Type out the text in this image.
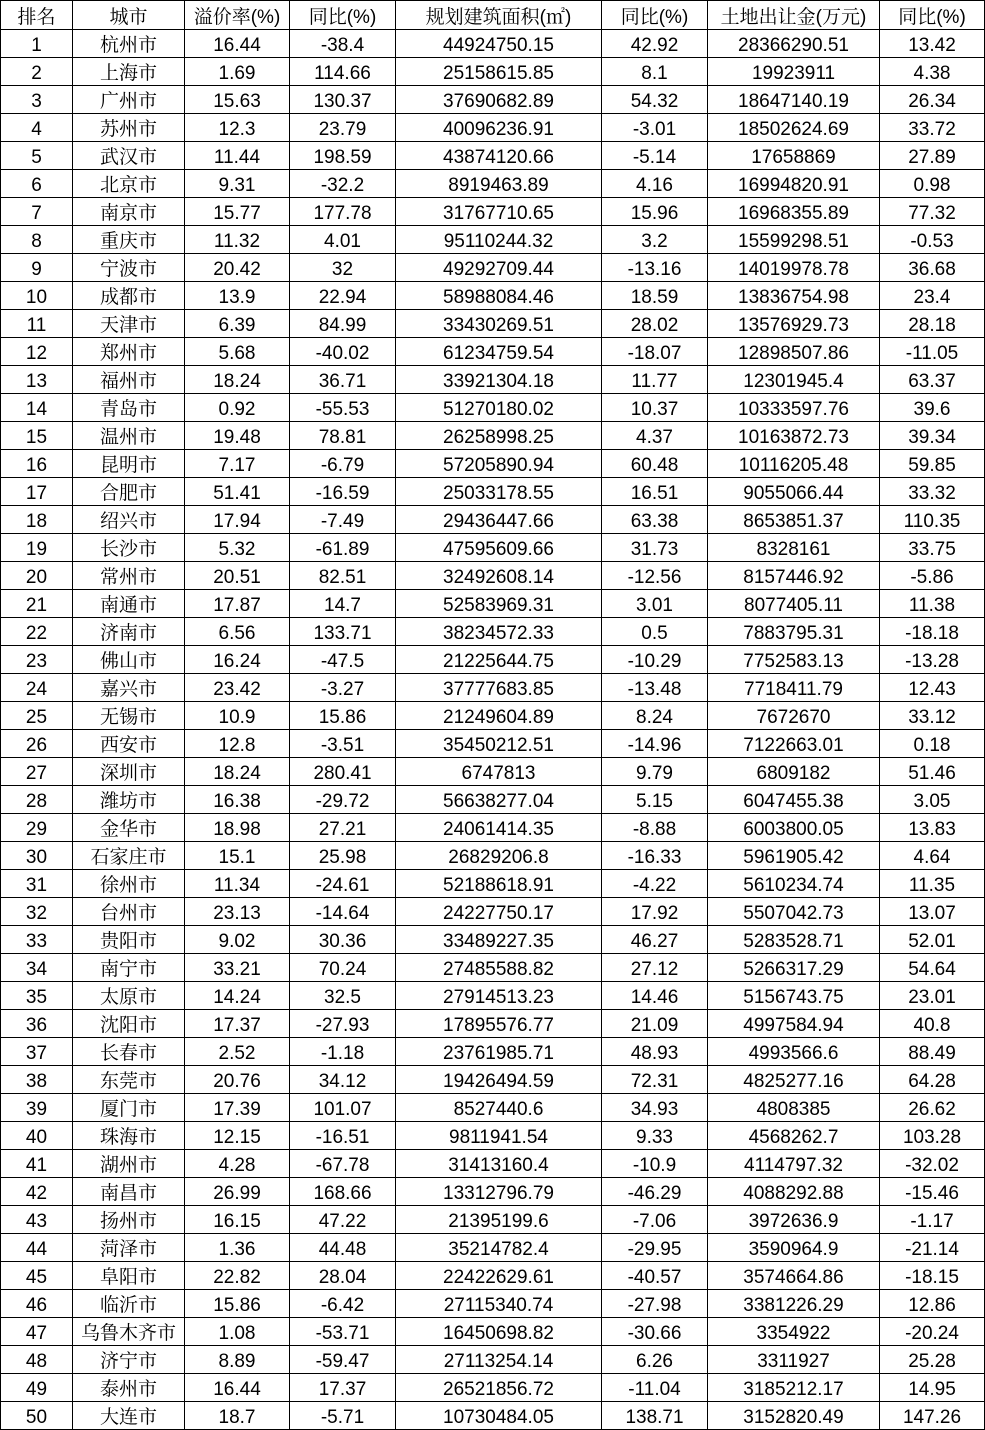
排名	城市	溢价率(%)	同比(%)	规划建筑面积(㎡)	同比(%)	土地出让金(万元)	同比(%)
1	杭州市	16.44	-38.4	44924750.15	42.92	28366290.51	13.42
2	上海市	1.69	114.66	25158615.85	8.1	19923911	4.38
3	广州市	15.63	130.37	37690682.89	54.32	18647140.19	26.34
4	苏州市	12.3	23.79	40096236.91	-3.01	18502624.69	33.72
5	武汉市	11.44	198.59	43874120.66	-5.14	17658869	27.89
6	北京市	9.31	-32.2	8919463.89	4.16	16994820.91	0.98
7	南京市	15.77	177.78	31767710.65	15.96	16968355.89	77.32
8	重庆市	11.32	4.01	95110244.32	3.2	15599298.51	-0.53
9	宁波市	20.42	32	49292709.44	-13.16	14019978.78	36.68
10	成都市	13.9	22.94	58988084.46	18.59	13836754.98	23.4
11	天津市	6.39	84.99	33430269.51	28.02	13576929.73	28.18
12	郑州市	5.68	-40.02	61234759.54	-18.07	12898507.86	-11.05
13	福州市	18.24	36.71	33921304.18	11.77	12301945.4	63.37
14	青岛市	0.92	-55.53	51270180.02	10.37	10333597.76	39.6
15	温州市	19.48	78.81	26258998.25	4.37	10163872.73	39.34
16	昆明市	7.17	-6.79	57205890.94	60.48	10116205.48	59.85
17	合肥市	51.41	-16.59	25033178.55	16.51	9055066.44	33.32
18	绍兴市	17.94	-7.49	29436447.66	63.38	8653851.37	110.35
19	长沙市	5.32	-61.89	47595609.66	31.73	8328161	33.75
20	常州市	20.51	82.51	32492608.14	-12.56	8157446.92	-5.86
21	南通市	17.87	14.7	52583969.31	3.01	8077405.11	11.38
22	济南市	6.56	133.71	38234572.33	0.5	7883795.31	-18.18
23	佛山市	16.24	-47.5	21225644.75	-10.29	7752583.13	-13.28
24	嘉兴市	23.42	-3.27	37777683.85	-13.48	7718411.79	12.43
25	无锡市	10.9	15.86	21249604.89	8.24	7672670	33.12
26	西安市	12.8	-3.51	35450212.51	-14.96	7122663.01	0.18
27	深圳市	18.24	280.41	6747813	9.79	6809182	51.46
28	潍坊市	16.38	-29.72	56638277.04	5.15	6047455.38	3.05
29	金华市	18.98	27.21	24061414.35	-8.88	6003800.05	13.83
30	石家庄市	15.1	25.98	26829206.8	-16.33	5961905.42	4.64
31	徐州市	11.34	-24.61	52188618.91	-4.22	5610234.74	11.35
32	台州市	23.13	-14.64	24227750.17	17.92	5507042.73	13.07
33	贵阳市	9.02	30.36	33489227.35	46.27	5283528.71	52.01
34	南宁市	33.21	70.24	27485588.82	27.12	5266317.29	54.64
35	太原市	14.24	32.5	27914513.23	14.46	5156743.75	23.01
36	沈阳市	17.37	-27.93	17895576.77	21.09	4997584.94	40.8
37	长春市	2.52	-1.18	23761985.71	48.93	4993566.6	88.49
38	东莞市	20.76	34.12	19426494.59	72.31	4825277.16	64.28
39	厦门市	17.39	101.07	8527440.6	34.93	4808385	26.62
40	珠海市	12.15	-16.51	9811941.54	9.33	4568262.7	103.28
41	湖州市	4.28	-67.78	31413160.4	-10.9	4114797.32	-32.02
42	南昌市	26.99	168.66	13312796.79	-46.29	4088292.88	-15.46
43	扬州市	16.15	47.22	21395199.6	-7.06	3972636.9	-1.17
44	菏泽市	1.36	44.48	35214782.4	-29.95	3590964.9	-21.14
45	阜阳市	22.82	28.04	22422629.61	-40.57	3574664.86	-18.15
46	临沂市	15.86	-6.42	27115340.74	-27.98	3381226.29	12.86
47	乌鲁木齐市	1.08	-53.71	16450698.82	-30.66	3354922	-20.24
48	济宁市	8.89	-59.47	27113254.14	6.26	3311927	25.28
49	泰州市	16.44	17.37	26521856.72	-11.04	3185212.17	14.95
50	大连市	18.7	-5.71	10730484.05	138.71	3152820.49	147.26
